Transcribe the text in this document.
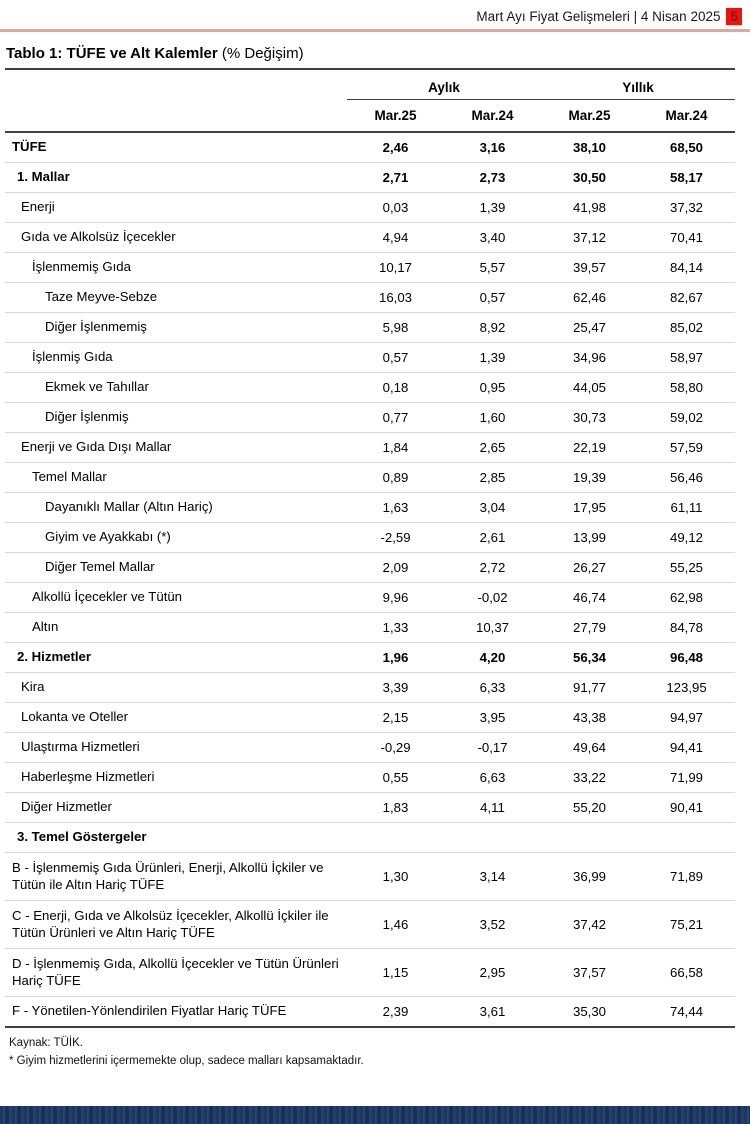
Mart Ayı Fiyat Gelişmeleri | 4 Nisan 2025 5
Tablo 1: TÜFE ve Alt Kalemler (% Değişim)
Aylık	Yıllık
Mar.25	Mar.24	Mar.25	Mar.24
TÜFE	2,46	3,16	38,10	68,50
1. Mallar	2,71	2,73	30,50	58,17
Enerji	0,03	1,39	41,98	37,32
Gıda ve Alkolsüz İçecekler	4,94	3,40	37,12	70,41
İşlenmemiş Gıda	10,17	5,57	39,57	84,14
Taze Meyve-Sebze	16,03	0,57	62,46	82,67
Diğer İşlenmemiş	5,98	8,92	25,47	85,02
İşlenmiş Gıda	0,57	1,39	34,96	58,97
Ekmek ve Tahıllar	0,18	0,95	44,05	58,80
Diğer İşlenmiş	0,77	1,60	30,73	59,02
Enerji ve Gıda Dışı Mallar	1,84	2,65	22,19	57,59
Temel Mallar	0,89	2,85	19,39	56,46
Dayanıklı Mallar (Altın Hariç)	1,63	3,04	17,95	61,11
Giyim ve Ayakkabı (*)	-2,59	2,61	13,99	49,12
Diğer Temel Mallar	2,09	2,72	26,27	55,25
Alkollü İçecekler ve Tütün	9,96	-0,02	46,74	62,98
Altın	1,33	10,37	27,79	84,78
2. Hizmetler	1,96	4,20	56,34	96,48
Kira	3,39	6,33	91,77	123,95
Lokanta ve Oteller	2,15	3,95	43,38	94,97
Ulaştırma Hizmetleri	-0,29	-0,17	49,64	94,41
Haberleşme Hizmetleri	0,55	6,63	33,22	71,99
Diğer Hizmetler	1,83	4,11	55,20	90,41
3. Temel Göstergeler
B - İşlenmemiş Gıda Ürünleri, Enerji, Alkollü İçkiler ve Tütün ile Altın Hariç TÜFE	1,30	3,14	36,99	71,89
C - Enerji, Gıda ve Alkolsüz İçecekler, Alkollü İçkiler ile Tütün Ürünleri ve Altın Hariç TÜFE	1,46	3,52	37,42	75,21
D - İşlenmemiş Gıda, Alkollü İçecekler ve Tütün Ürünleri Hariç TÜFE	1,15	2,95	37,57	66,58
F - Yönetilen-Yönlendirilen Fiyatlar Hariç TÜFE	2,39	3,61	35,30	74,44
Kaynak: TÜİK.
* Giyim hizmetlerini içermemekte olup, sadece malları kapsamaktadır.
